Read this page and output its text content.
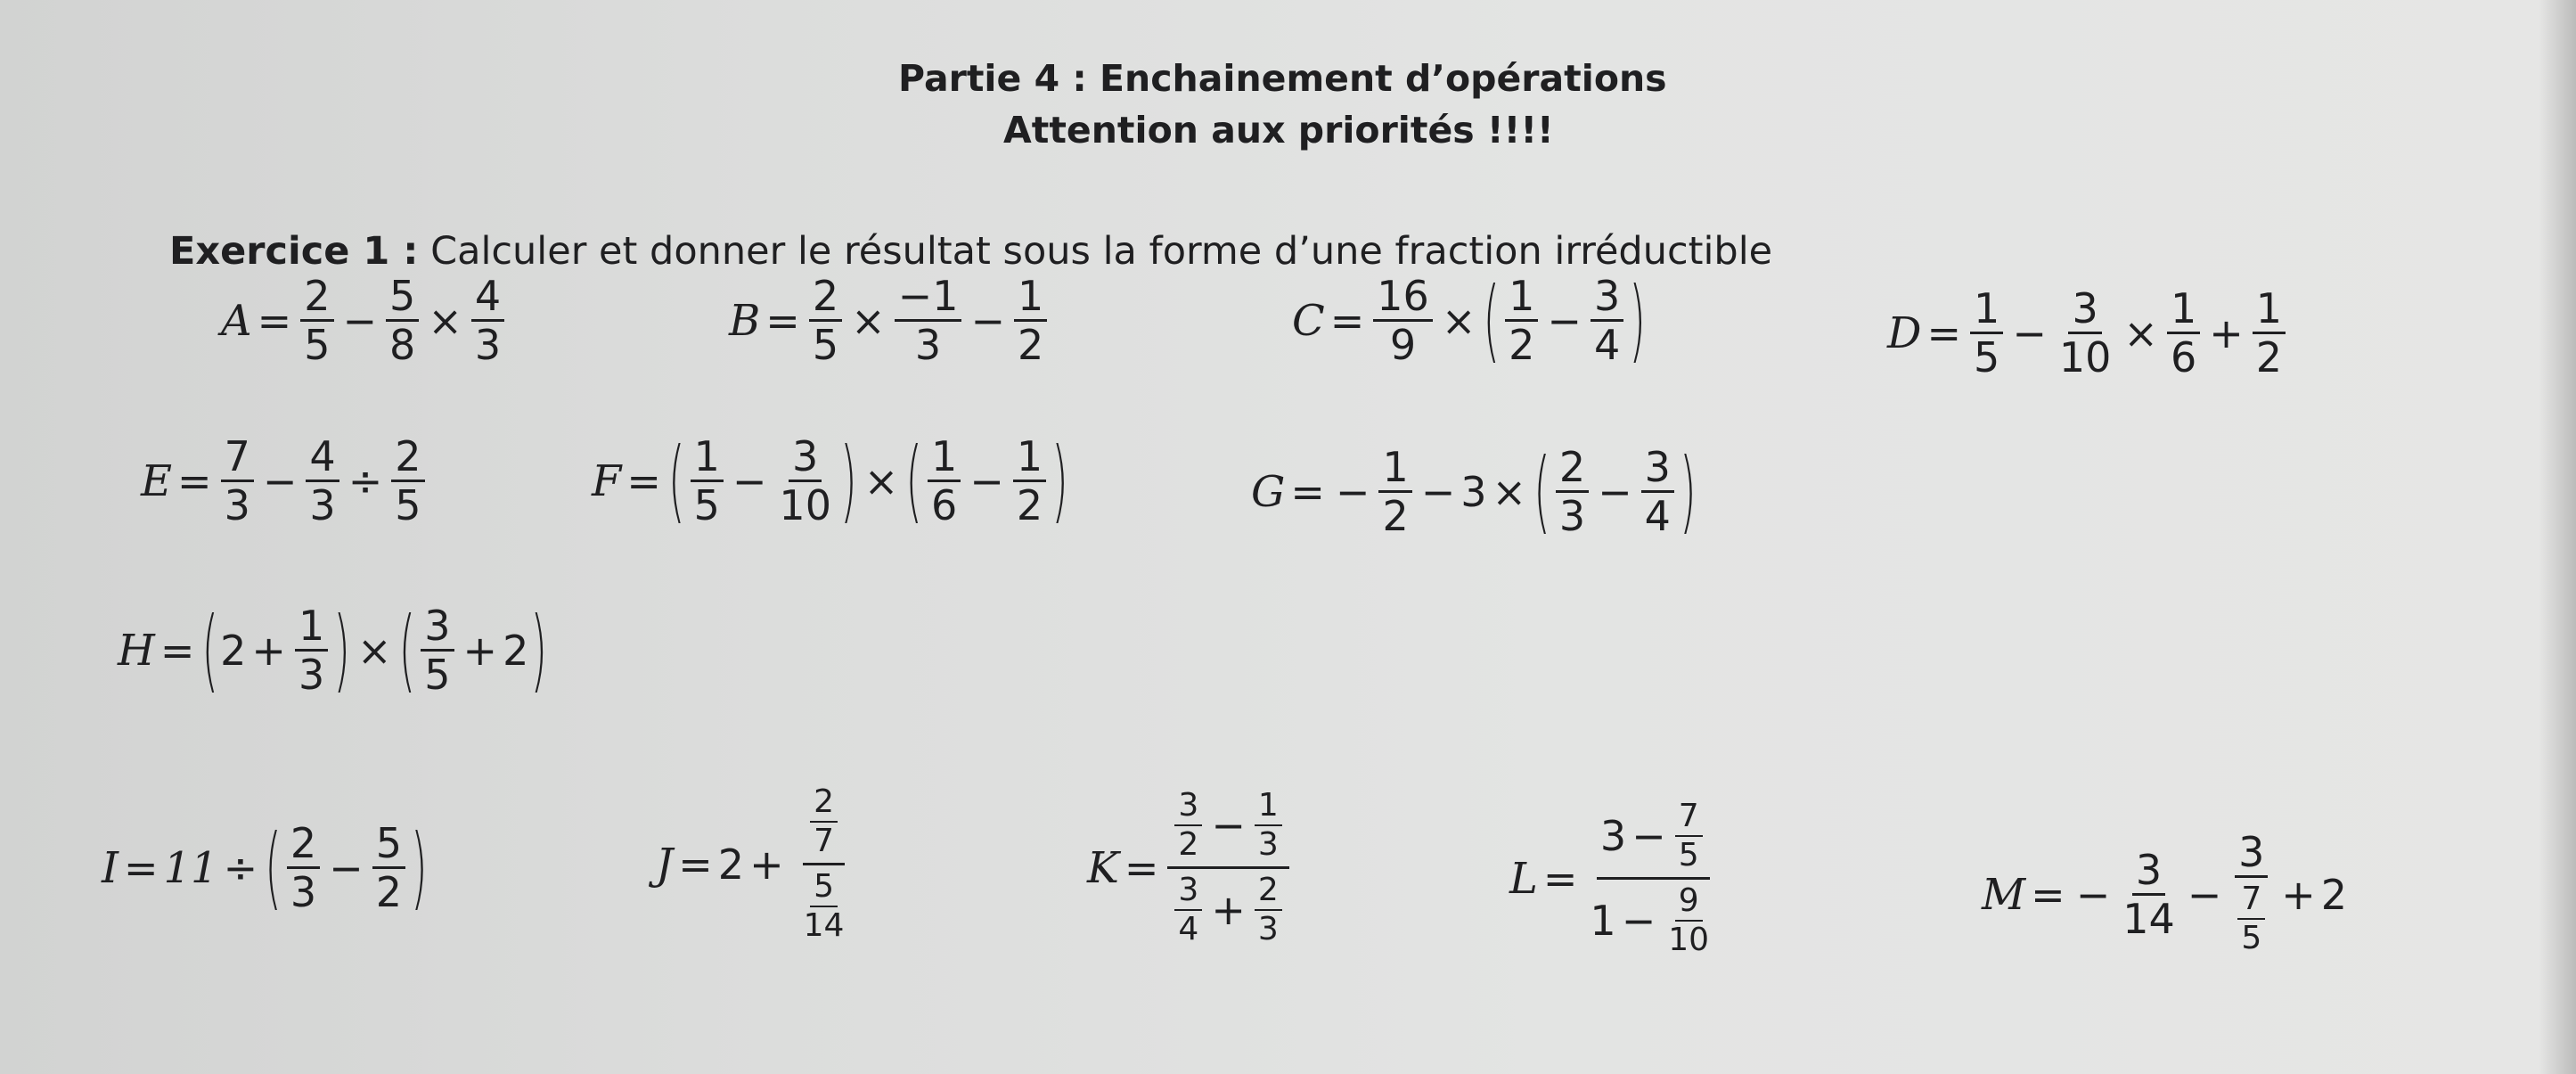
Partie 4 : Enchainement d’opérations
Attention aux priorités !!!!
Exercice 1 : Calculer et donner le résultat sous la forme d’une fraction irréductible
$A = \frac{2}{5} - \frac{5}{8} \times \frac{4}{3}$	$B = \frac{2}{5} \times \frac{-1}{3} - \frac{1}{2}$	$C = \frac{16}{9}$ × ( $\frac{1}{2} - \frac{3}{4}$ )	$D = \frac{1}{5} - \frac{3}{10} \times \frac{1}{6} + \frac{1}{2}$
$E = \frac{7}{3} - \frac{4}{3} \div \frac{2}{5}$	F = ( $\frac{1}{5} - \frac{3}{10}$ ) × ( $\frac{1}{6} - \frac{1}{2}$ )	G = − $\frac{1}{2} - 3$ × ( $\frac{2}{3} - \frac{3}{4}$ )
H = ( $2 + \frac{1}{3}$ ) × ( $\frac{3}{5} + 2$ )
I = 11 ÷ ( $\frac{2}{3} - \frac{5}{2}$ )	$J = 2 + \frac{\frac{2}{7}}{\frac{5}{14}}$	$K = \frac{\frac{3}{2} - \frac{1}{3}}{\frac{3}{4} + \frac{2}{3}}$	$L = \frac{3 - \frac{7}{5}}{1 - \frac{9}{10}}$	M = − $\frac{3}{14} - \frac{3}{\frac{7}{5}} + 2$
